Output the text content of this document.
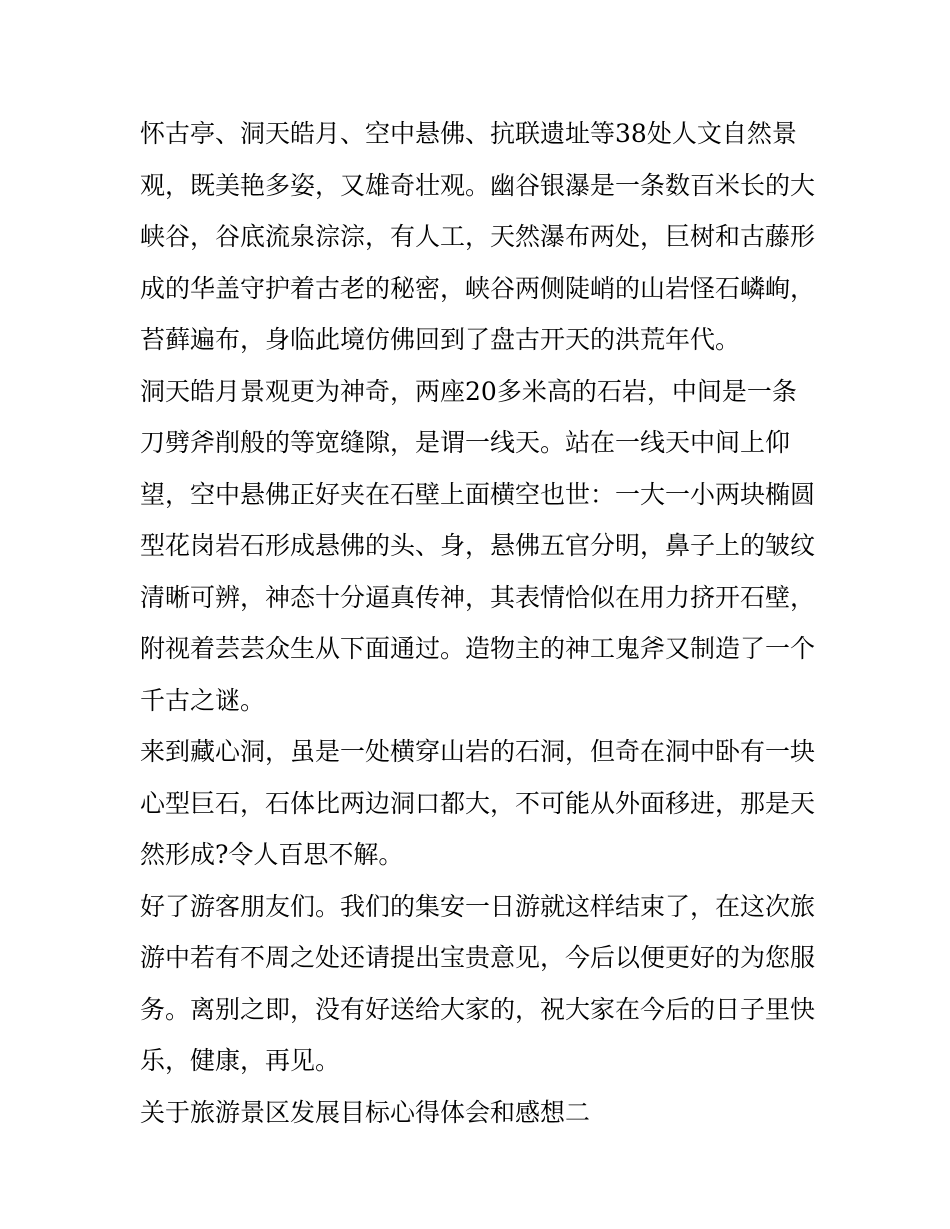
怀古亭、洞天皓月、空中悬佛、抗联遗址等38处人文自然景
观，既美艳多姿，又雄奇壮观。幽谷银瀑是一条数百米长的大
峡谷，谷底流泉淙淙，有人工，天然瀑布两处，巨树和古藤形
成的华盖守护着古老的秘密，峡谷两侧陡峭的山岩怪石嶙峋，
苔藓遍布，身临此境仿佛回到了盘古开天的洪荒年代。
洞天皓月景观更为神奇，两座20多米高的石岩，中间是一条
刀劈斧削般的等宽缝隙，是谓一线天。站在一线天中间上仰
望，空中悬佛正好夹在石壁上面横空也世：一大一小两块椭圆
型花岗岩石形成悬佛的头、身，悬佛五官分明，鼻子上的皱纹
清晰可辨，神态十分逼真传神，其表情恰似在用力挤开石壁，
附视着芸芸众生从下面通过。造物主的神工鬼斧又制造了一个
千古之谜。
来到藏心洞，虽是一处横穿山岩的石洞，但奇在洞中卧有一块
心型巨石，石体比两边洞口都大，不可能从外面移进，那是天
然形成?令人百思不解。
好了游客朋友们。我们的集安一日游就这样结束了，在这次旅
游中若有不周之处还请提出宝贵意见，今后以便更好的为您服
务。离别之即，没有好送给大家的，祝大家在今后的日子里快
乐，健康，再见。
关于旅游景区发展目标心得体会和感想二
